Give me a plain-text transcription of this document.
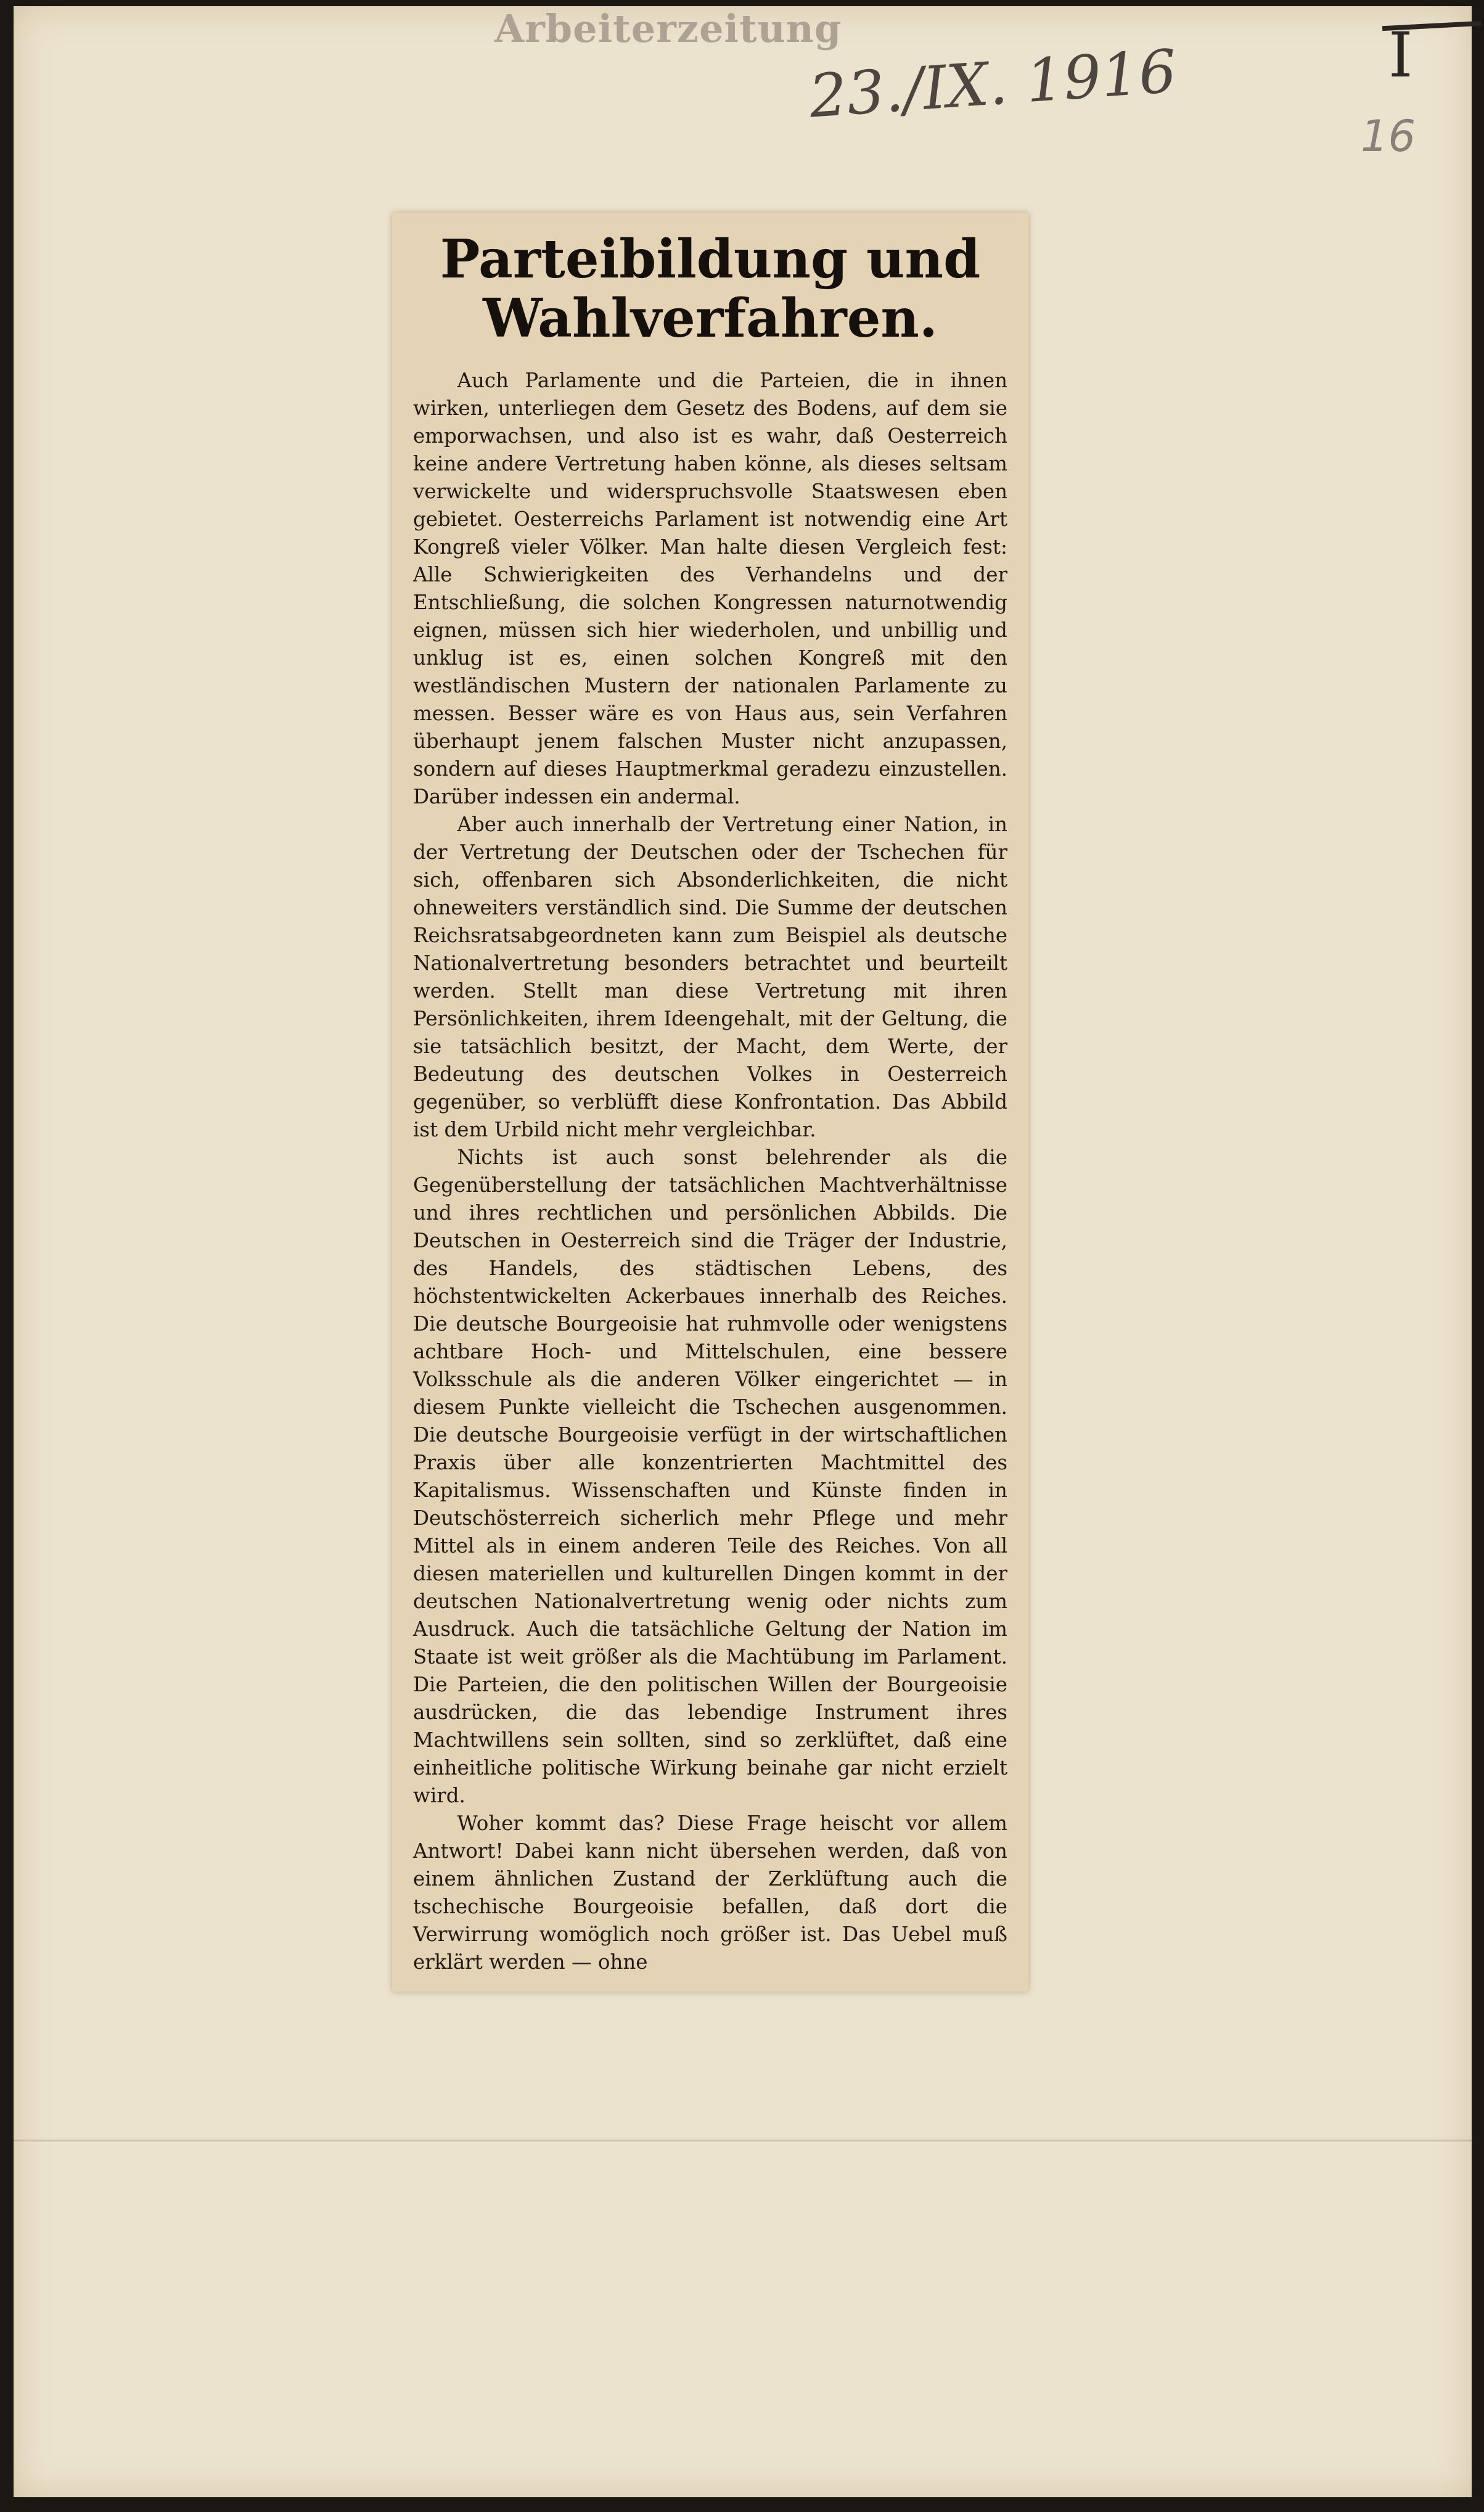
Arbeiterzeitung
23./IX. 1916	I
16
Parteibildung und Wahlverfahren.

Auch Parlamente und die Parteien, die in ihnen wirken, unterliegen dem Gesetz des Bodens, auf dem sie emporwachsen, und also ist es wahr, daß Oesterreich keine andere Vertretung haben könne, als dieses seltsam verwickelte und widerspruchsvolle Staatswesen eben gebietet. Oesterreichs Parlament ist notwendig eine Art Kongreß vieler Völker. Man halte diesen Vergleich fest: Alle Schwierigkeiten des Verhandelns und der Entschließung, die solchen Kongressen naturnotwendig eignen, müssen sich hier wiederholen, und unbillig und unklug ist es, einen solchen Kongreß mit den westländischen Mustern der nationalen Parlamente zu messen. Besser wäre es von Haus aus, sein Verfahren überhaupt jenem falschen Muster nicht anzupassen, sondern auf dieses Hauptmerkmal geradezu einzustellen. Darüber indessen ein andermal.

Aber auch innerhalb der Vertretung einer Nation, in der Vertretung der Deutschen oder der Tschechen für sich, offenbaren sich Absonderlichkeiten, die nicht ohneweiters verständlich sind. Die Summe der deutschen Reichsratsabgeordneten kann zum Beispiel als deutsche Nationalvertretung besonders betrachtet und beurteilt werden. Stellt man diese Vertretung mit ihren Persönlichkeiten, ihrem Ideengehalt, mit der Geltung, die sie tatsächlich besitzt, der Macht, dem Werte, der Bedeutung des deutschen Volkes in Oesterreich gegenüber, so verblüfft diese Konfrontation. Das Abbild ist dem Urbild nicht mehr vergleichbar.

Nichts ist auch sonst belehrender als die Gegenüberstellung der tatsächlichen Machtverhältnisse und ihres rechtlichen und persönlichen Abbilds. Die Deutschen in Oesterreich sind die Träger der Industrie, des Handels, des städtischen Lebens, des höchstentwickelten Ackerbaues innerhalb des Reiches. Die deutsche Bourgeoisie hat ruhmvolle oder wenigstens achtbare Hoch- und Mittelschulen, eine bessere Volksschule als die anderen Völker eingerichtet — in diesem Punkte vielleicht die Tschechen ausgenommen. Die deutsche Bourgeoisie verfügt in der wirtschaftlichen Praxis über alle konzentrierten Machtmittel des Kapitalismus. Wissenschaften und Künste finden in Deutschösterreich sicherlich mehr Pflege und mehr Mittel als in einem anderen Teile des Reiches. Von all diesen materiellen und kulturellen Dingen kommt in der deutschen Nationalvertretung wenig oder nichts zum Ausdruck. Auch die tatsächliche Geltung der Nation im Staate ist weit größer als die Machtübung im Parlament. Die Parteien, die den politischen Willen der Bourgeoisie ausdrücken, die das lebendige Instrument ihres Machtwillens sein sollten, sind so zerklüftet, daß eine einheitliche politische Wirkung beinahe gar nicht erzielt wird.

Woher kommt das? Diese Frage heischt vor allem Antwort! Dabei kann nicht übersehen werden, daß von einem ähnlichen Zustand der Zerklüftung auch die tschechische Bourgeoisie befallen, daß dort die Verwirrung womöglich noch größer ist. Das Uebel muß erklärt werden — ohne
